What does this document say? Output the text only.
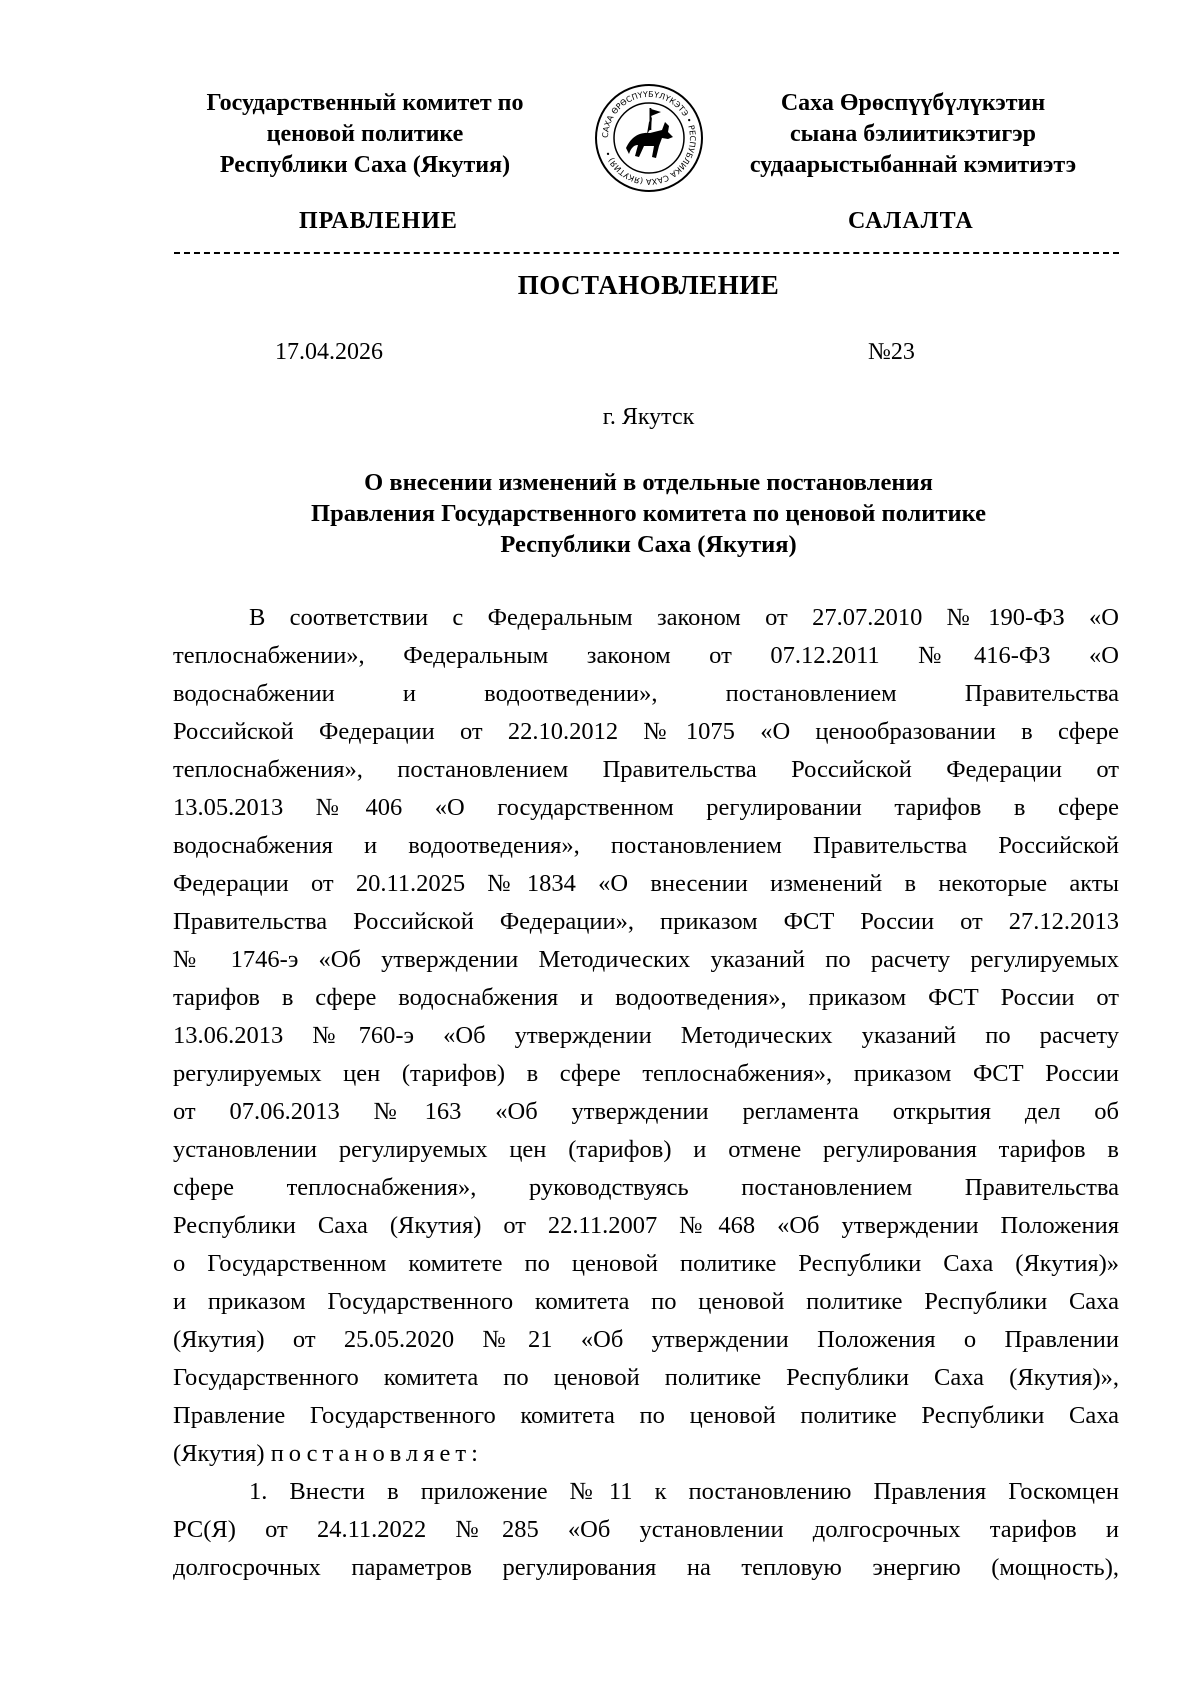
Государственный комитет по
ценовой политике
Республики Саха (Якутия)
САХА ӨРӨСПҮҮБҮЛҮКЭТЭ • РЕСПУБЛИКА САХА (ЯКУТИЯ) •
Саха Өрөспүүбүлүкэтин
сыана бэлиитикэтигэр
судаарыстыбаннай кэмитиэтэ
ПРАВЛЕНИЕ	САЛАЛТА
ПОСТАНОВЛЕНИЕ
17.04.2026	№23
г. Якутск
О внесении изменений в отдельные постановления
Правления Государственного комитета по ценовой политике
Республики Саха (Якутия)
В соответствии с Федеральным законом от 27.07.2010 №190-ФЗ «О
теплоснабжении», Федеральным законом от 07.12.2011 №416-ФЗ «О
водоснабжении и водоотведении», постановлением Правительства
Российской Федерации от 22.10.2012 №1075 «О ценообразовании в сфере
теплоснабжения», постановлением Правительства Российской Федерации от
13.05.2013 №406 «О государственном регулировании тарифов в сфере
водоснабжения и водоотведения», постановлением Правительства Российской
Федерации от 20.11.2025 №1834 «О внесении изменений в некоторые акты
Правительства Российской Федерации», приказом ФСТ России от 27.12.2013
№ 1746-э «Об утверждении Методических указаний по расчету регулируемых
тарифов в сфере водоснабжения и водоотведения», приказом ФСТ России от
13.06.2013 №760-э «Об утверждении Методических указаний по расчету
регулируемых цен (тарифов) в сфере теплоснабжения», приказом ФСТ России
от 07.06.2013 №163 «Об утверждении регламента открытия дел об
установлении регулируемых цен (тарифов) и отмене регулирования тарифов в
сфере теплоснабжения», руководствуясь постановлением Правительства
Республики Саха (Якутия) от 22.11.2007 №468 «Об утверждении Положения
о Государственном комитете по ценовой политике Республики Саха (Якутия)»
и приказом Государственного комитета по ценовой политике Республики Саха
(Якутия) от 25.05.2020 №21 «Об утверждении Положения о Правлении
Государственного комитета по ценовой политике Республики Саха (Якутия)»,
Правление Государственного комитета по ценовой политике Республики Саха
(Якутия) постановляет:
1. Внести в приложение №11 к постановлению Правления Госкомцен
РС(Я) от 24.11.2022 №285 «Об установлении долгосрочных тарифов и
долгосрочных параметров регулирования на тепловую энергию (мощность),
